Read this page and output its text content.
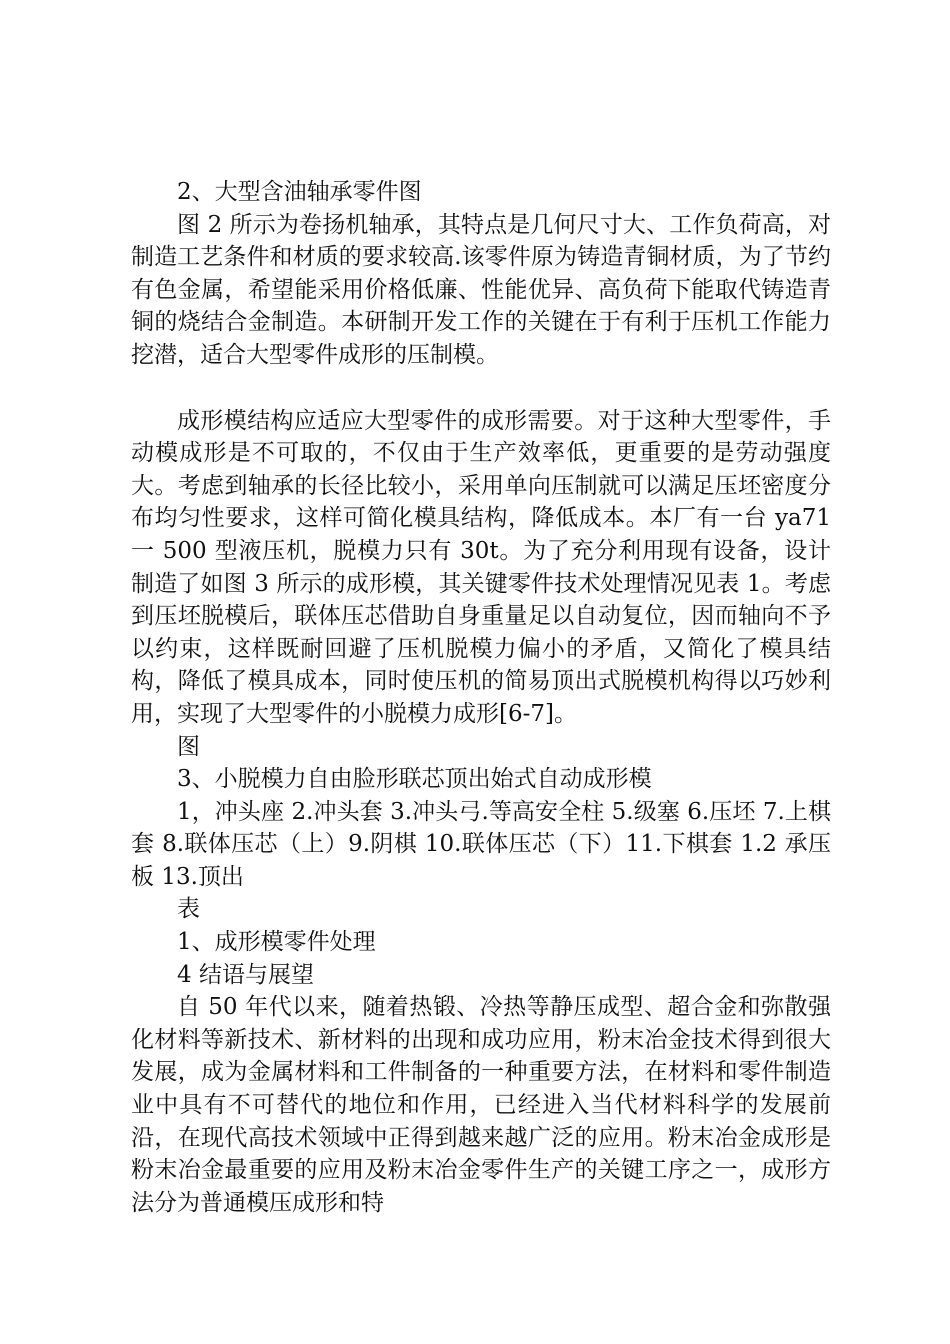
2、大型含油轴承零件图

图 2 所示为卷扬机轴承，其特点是几何尺寸大、工作负荷高，对制造工艺条件和材质的要求较高.该零件原为铸造青铜材质，为了节约有色金属，希望能采用价格低廉、性能优异、高负荷下能取代铸造青铜的烧结合金制造。本研制开发工作的关键在于有利于压机工作能力挖潜，适合大型零件成形的压制模。

成形模结构应适应大型零件的成形需要。对于这种大型零件，手动模成形是不可取的，不仅由于生产效率低，更重要的是劳动强度大。考虑到轴承的长径比较小，采用单向压制就可以满足压坯密度分布均匀性要求，这样可简化模具结构，降低成本。本厂有一台 ya71 一 500 型液压机，脱模力只有 30t。为了充分利用现有设备，设计制造了如图 3 所示的成形模，其关键零件技术处理情况见表 1。考虑到压坯脱模后，联体压芯借助自身重量足以自动复位，因而轴向不予以约束，这样既耐回避了压机脱模力偏小的矛盾，又简化了模具结构，降低了模具成本，同时使压机的简易顶出式脱模机构得以巧妙利用，实现了大型零件的小脱模力成形[6-7]。

图

3、小脱模力自由脸形联芯顶出始式自动成形模

1，冲头座 2.冲头套 3.冲头弓.等高安全柱 5.级塞 6.压坯 7.上棋套 8.联体压芯（上）9.阴棋 10.联体压芯（下）11.下棋套 1.2 承压板 13.顶出

表

1、成形模零件处理

4 结语与展望

自 50 年代以来，随着热锻、冷热等静压成型、超合金和弥散强化材料等新技术、新材料的出现和成功应用，粉末冶金技术得到很大发展，成为金属材料和工件制备的一种重要方法，在材料和零件制造业中具有不可替代的地位和作用，已经进入当代材料科学的发展前沿，在现代高技术领域中正得到越来越广泛的应用。粉末冶金成形是粉末冶金最重要的应用及粉末冶金零件生产的关键工序之一，成形方法分为普通模压成形和特
